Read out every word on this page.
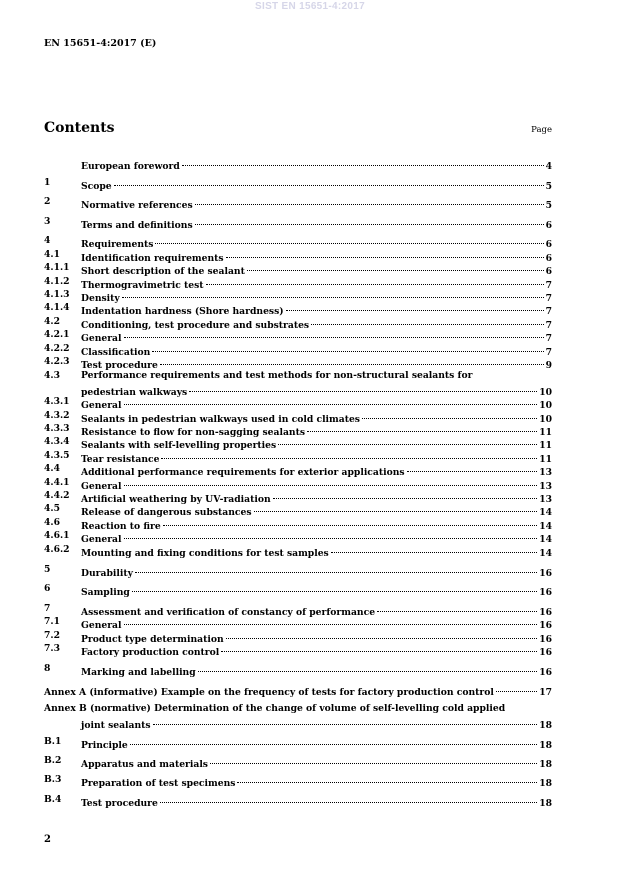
SIST EN 15651-4:2017
EN 15651-4:2017 (E)
Contents	Page
European foreword	4
1	Scope	5
2	Normative references	5
3	Terms and definitions	6
4	Requirements	6
4.1 Identification requirements	6
4.1.1 Short description of the sealant	6
4.1.2 Thermogravimetric test	7
4.1.3 Density	7
4.1.4 Indentation hardness (Shore hardness)	7
4.2 Conditioning, test procedure and substrates	7
4.2.1 General	7
4.2.2 Classification	7
4.2.3 Test procedure	9
4.3 Performance requirements and test methods for non-structural sealants for
pedestrian walkways	10
4.3.1 General	10
4.3.2 Sealants in pedestrian walkways used in cold climates	10
4.3.3 Resistance to flow for non-sagging sealants	11
4.3.4 Sealants with self-levelling properties	11
4.3.5 Tear resistance	11
4.4 Additional performance requirements for exterior applications	13
4.4.1 General	13
4.4.2 Artificial weathering by UV-radiation	13
4.5 Release of dangerous substances	14
4.6 Reaction to fire	14
4.6.1 General	14
4.6.2 Mounting and fixing conditions for test samples	14
5	Durability	16
6	Sampling	16
7	Assessment and verification of constancy of performance	16
7.1 General	16
7.2 Product type determination	16
7.3 Factory production control	16
8	Marking and labelling	16
Annex A (informative) Example on the frequency of tests for factory production control	17
Annex B (normative) Determination of the change of volume of self-levelling cold applied
joint sealants	18
B.1 Principle	18
B.2 Apparatus and materials	18
B.3 Preparation of test specimens	18
B.4 Test procedure	18
2
